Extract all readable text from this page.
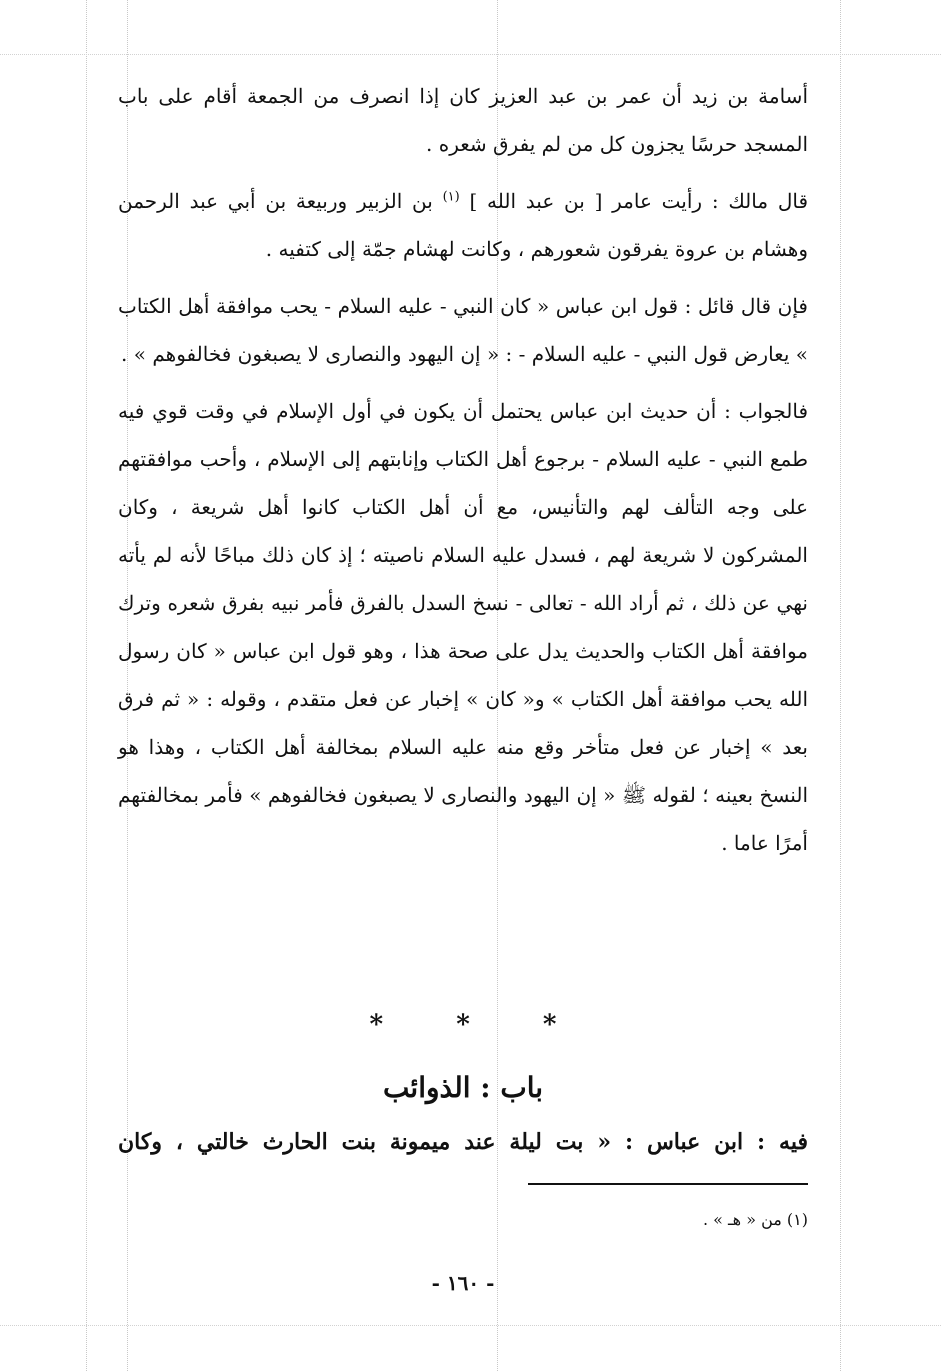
أسامة بن زيد أن عمر بن عبد العزيز كان إذا انصرف من الجمعة أقام على باب المسجد حرسًا يجزون كل من لم يفرق شعره .

قال مالك : رأيت عامر [ بن عبد الله ] $^{(١)}$ بن الزبير وربيعة بن أبي عبد الرحمن وهشام بن عروة يفرقون شعورهم ، وكانت لهشام جمّة إلى كتفيه .

فإن قال قائل : قول ابن عباس « كان النبي - عليه السلام - يحب موافقة أهل الكتاب » يعارض قول النبي - عليه السلام - : « إن اليهود والنصارى لا يصبغون فخالفوهم » .

فالجواب : أن حديث ابن عباس يحتمل أن يكون في أول الإسلام في وقت قوي فيه طمع النبي - عليه السلام - برجوع أهل الكتاب وإنابتهم إلى الإسلام ، وأحب موافقتهم على وجه التألف لهم والتأنيس، مع أن أهل الكتاب كانوا أهل شريعة ، وكان المشركون لا شريعة لهم ، فسدل عليه السلام ناصيته ؛ إذ كان ذلك مباحًا لأنه لم يأته نهي عن ذلك ، ثم أراد الله - تعالى - نسخ السدل بالفرق فأمر نبيه بفرق شعره وترك موافقة أهل الكتاب والحديث يدل على صحة هذا ، وهو قول ابن عباس « كان رسول الله يحب موافقة أهل الكتاب » و« كان » إخبار عن فعل متقدم ، وقوله : « ثم فرق بعد » إخبار عن فعل متأخر وقع منه عليه السلام بمخالفة أهل الكتاب ، وهذا هو النسخ بعينه ؛ لقوله ﷺ « إن اليهود والنصارى لا يصبغون فخالفوهم » فأمر بمخالفتهم أمرًا عاما .

* * *
باب : الذوائب

فيه : ابن عباس : « بت ليلة عند ميمونة بنت الحارث خالتي ، وكان

(١) من « هـ » .

- ١٦٠ -
